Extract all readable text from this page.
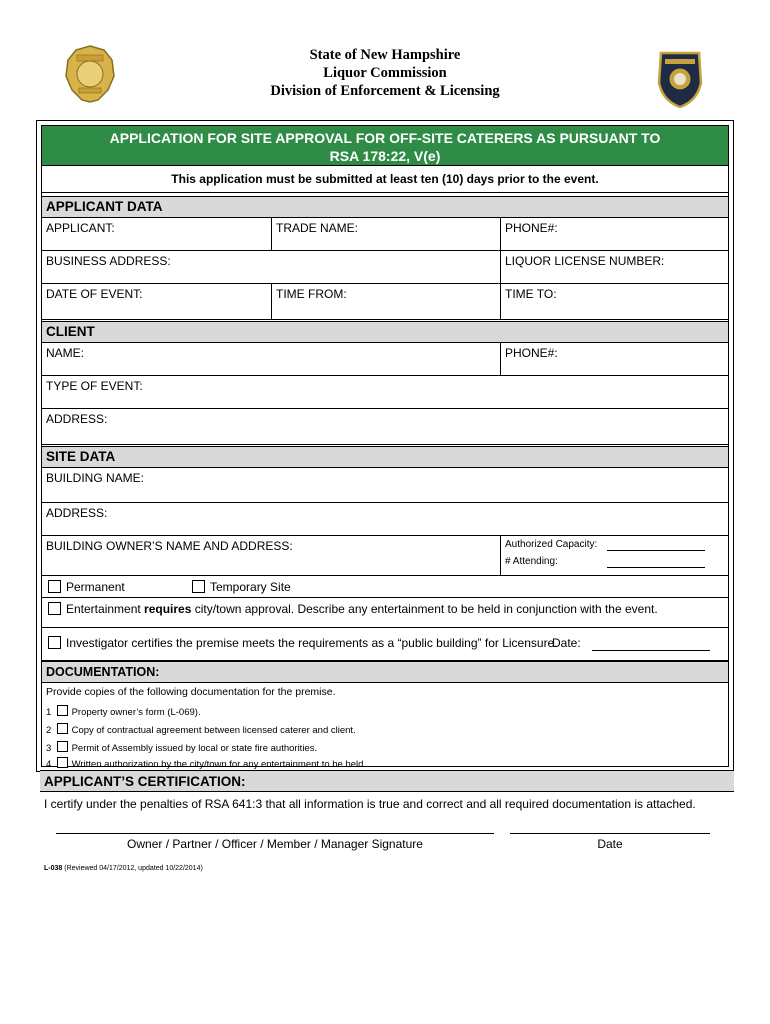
State of New Hampshire
Liquor Commission
Division of Enforcement & Licensing
APPLICATION FOR SITE APPROVAL FOR OFF-SITE CATERERS AS PURSUANT TO
RSA 178:22, V(e)
This application must be submitted at least ten (10) days prior to the event.
APPLICANT DATA
APPLICANT:	TRADE NAME:	PHONE#:
BUSINESS ADDRESS:	LIQUOR LICENSE NUMBER:
DATE OF EVENT:	TIME FROM:	TIME TO:
CLIENT
NAME:	PHONE#:
TYPE OF EVENT:
ADDRESS:
SITE DATA
BUILDING NAME:
ADDRESS:
BUILDING OWNER’S NAME AND ADDRESS:	Authorized Capacity:
# Attending:
Permanent	Temporary Site
Entertainment requires city/town approval. Describe any entertainment to be held in conjunction with the event.
Investigator certifies the premise meets the requirements as a “public building” for Licensure.
Date:
DOCUMENTATION:
Provide copies of the following documentation for the premise.
1 Property owner’s form (L-069).
2 Copy of contractual agreement between licensed caterer and client.
3 Permit of Assembly issued by local or state fire authorities.
4 Written authorization by the city/town for any entertainment to be held.
APPLICANT’S CERTIFICATION:
I certify under the penalties of RSA 641:3 that all information is true and correct and all required documentation is attached.
Owner / Partner / Officer / Member / Manager Signature	Date
L-038 (Reviewed 04/17/2012, updated 10/22/2014)
